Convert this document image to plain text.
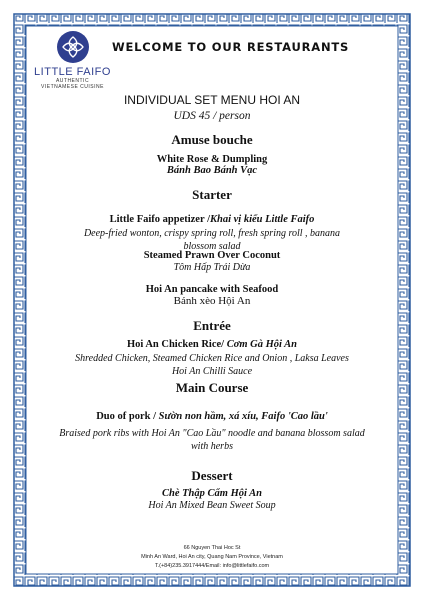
LITTLE FAIFO
AUTHENTIC
VIETNAMESE CUISINE
WELCOME TO OUR RESTAURANTS
INDIVIDUAL SET MENU HOI AN
UDS 45 / person
Amuse bouche
White Rose & Dumpling
Bánh Bao Bánh Vạc
Starter
Little Faifo appetizer /Khai vị kiểu Little Faifo
Deep-fried wonton, crispy spring roll, fresh spring roll , banana
blossom salad
Steamed Prawn Over Coconut
Tôm Hấp Trái Dừa
Hoi An pancake with Seafood
Bánh xèo Hội An
Entrée
Hoi An Chicken Rice/ Cơm Gà Hội An
Shredded Chicken, Steamed Chicken Rice and Onion , Laksa Leaves
Hoi An Chilli Sauce
Main Course
Duo of pork / Sườn non hầm, xá xíu, Faifo 'Cao lầu'
Braised pork ribs with Hoi An "Cao Lầu" noodle and banana blossom salad
with herbs
Dessert
Chè Thập Cẩm Hội An
Hoi An Mixed Bean Sweet Soup
66 Nguyen Thai Hoc St
Minh An Ward, Hoi An city, Quang Nam Province, Vietnam
T.(+84)235.3917444/Email: info@littlefaifo.com
